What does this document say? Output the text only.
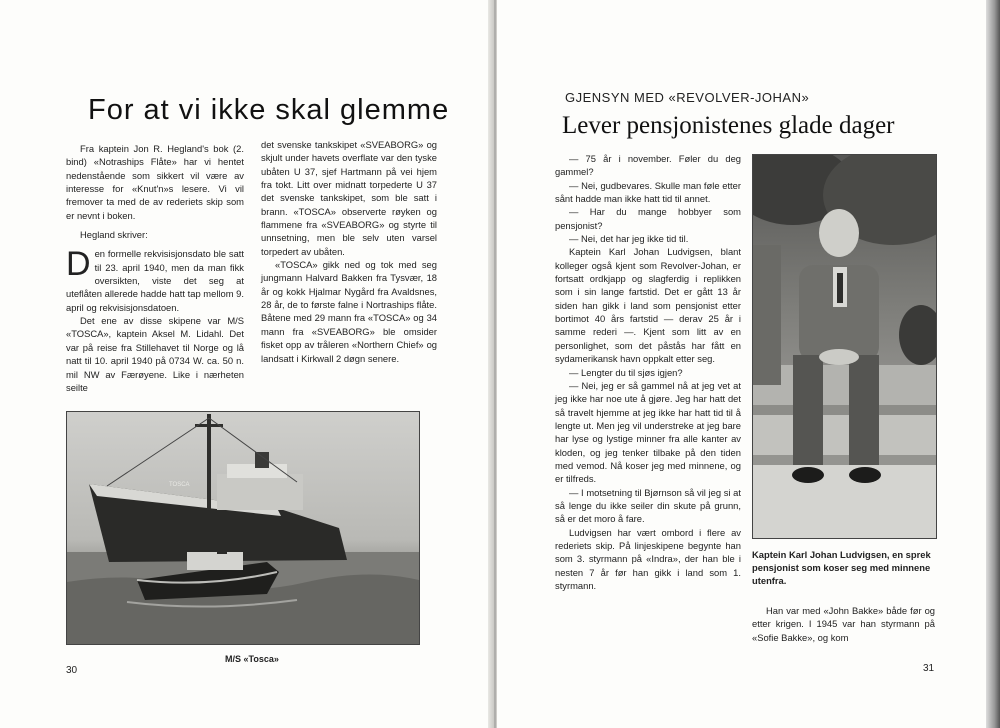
For at vi ikke skal glemme

Fra kaptein Jon R. Hegland's bok (2. bind) «Notraships Flåte» har vi hentet nedenstående som sikkert vil være av interesse for «Knut'n»s lesere. Vi vil fremover ta med de av rederiets skip som er nevnt i boken.

Hegland skriver:

Den formelle rekvisisjonsdato ble satt til 23. april 1940, men da man fikk oversikten, viste det seg at uteflåten allerede hadde hatt tap mellom 9. april og rekvisisjonsdatoen.

Det ene av disse skipene var M/S «TOSCA», kaptein Aksel M. Lidahl. Det var på reise fra Stillehavet til Norge og lå natt til 10. april 1940 på 0734 W. ca. 50 n. mil NW av Færøyene. Like i nærheten seilte

det svenske tankskipet «SVEABORG» og skjult under havets overflate var den tyske ubåten U 37, sjef Hartmann på vei hjem fra tokt. Litt over midnatt torpederte U 37 det svenske tankskipet, som ble satt i brann. «TOSCA» observerte røyken og flammene fra «SVEABORG» og styrte til unnsetning, men ble selv uten varsel torpedert av ubåten.

«TOSCA» gikk ned og tok med seg jungmann Halvard Bakken fra Tysvær, 18 år og kokk Hjalmar Nygård fra Avaldsnes, 28 år, de to første falne i Nortraships flåte. Båtene med 29 mann fra «TOSCA» og 34 mann fra «SVEABORG» ble omsider fisket opp av tråleren «Northern Chief» og landsatt i Kirkwall 2 døgn senere.

TOSCA
M/S «Tosca»
30
GJENSYN MED «REVOLVER-JOHAN»
Lever pensjonistenes glade dager

— 75 år i november. Føler du deg gammel?

— Nei, gudbevares. Skulle man føle etter sånt hadde man ikke hatt tid til annet.

— Har du mange hobbyer som pensjonist?

— Nei, det har jeg ikke tid til.

Kaptein Karl Johan Ludvigsen, blant kolleger også kjent som Revolver-Johan, er fortsatt ordkjapp og slagferdig i replikken som i sin lange fartstid. Det er gått 13 år siden han gikk i land som pensjonist etter bortimot 40 års fartstid — derav 25 år i samme rederi —. Kjent som litt av en personlighet, som det påstås har fått en sydamerikansk havn oppkalt etter seg.

— Lengter du til sjøs igjen?

— Nei, jeg er så gammel nå at jeg vet at jeg ikke har noe ute å gjøre. Jeg har hatt det så travelt hjemme at jeg ikke har hatt tid til å lengte ut. Men jeg vil understreke at jeg bare har lyse og lystige minner fra alle kanter av kloden, og jeg tenker tilbake på den tiden med vemod. Nå koser jeg med minnene, og er tilfreds.

— I motsetning til Bjørnson så vil jeg si at så lenge du ikke seiler din skute på grunn, så er det moro å fare.

Ludvigsen har vært ombord i flere av rederiets skip. På linjeskipene begynte han som 3. styrmann på «Indra», der han ble i nesten 7 år før han gikk i land som 1. styrmann.

Kaptein Karl Johan Ludvigsen, en sprek pensjonist som koser seg med minnene utenfra.

Han var med «John Bakke» både før og etter krigen. I 1945 var han styrmann på «Sofie Bakke», og kom

31
